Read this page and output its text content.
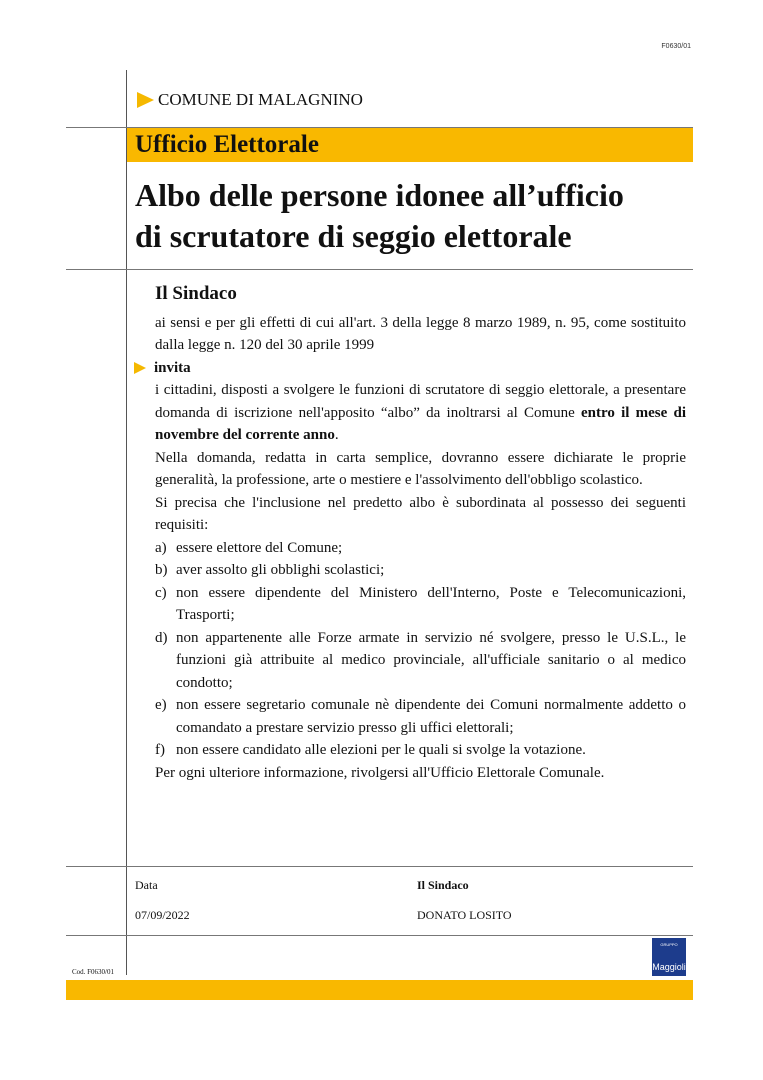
F0630/01
COMUNE DI MALAGNINO
Ufficio Elettorale
Albo delle persone idonee all’ufficio
di scrutatore di seggio elettorale
Il Sindaco

ai sensi e per gli effetti di cui all'art. 3 della legge 8 marzo 1989, n. 95, come sostituito dalla legge n. 120 del 30 aprile 1999

invita

i cittadini, disposti a svolgere le funzioni di scrutatore di seggio elettorale, a presentare domanda di iscrizione nell'apposito “albo” da inoltrarsi al Comune entro il mese di novembre del corrente anno.

Nella domanda, redatta in carta semplice, dovranno essere dichiarate le proprie generalità, la professione, arte o mestiere e l'assolvimento dell'obbligo scolastico.

Si precisa che l'inclusione nel predetto albo è subordinata al possesso dei seguenti requisiti:

a) essere elettore del Comune;
b) aver assolto gli obblighi scolastici;
c) non essere dipendente del Ministero dell'Interno, Poste e Telecomunicazioni, Trasporti;
d) non appartenente alle Forze armate in servizio né svolgere, presso le U.S.L., le funzioni già attribuite al medico provinciale, all'ufficiale sanitario o al medico condotto;
e) non essere segretario comunale nè dipendente dei Comuni normalmente addetto o comandato a prestare servizio presso gli uffici elettorali;
f) non essere candidato alle elezioni per le quali si svolge la votazione.

Per ogni ulteriore informazione, rivolgersi all'Ufficio Elettorale Comunale.

Data
07/09/2022
Il Sindaco
DONATO LOSITO
GRUPPO
Maggioli
Cod. F0630/01
